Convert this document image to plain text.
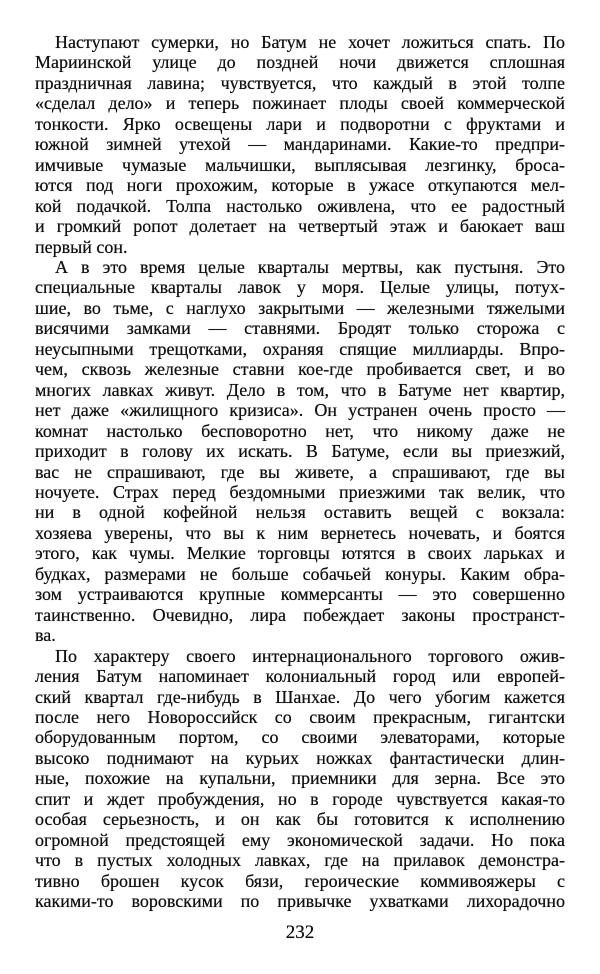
Наступают сумерки, но Батум не хочет ложиться спать. По
Мариинской улице до поздней ночи движется сплошная
праздничная лавина; чувствуется, что каждый в этой толпе
«сделал дело» и теперь пожинает плоды своей коммерческой
тонкости. Ярко освещены лари и подворотни с фруктами и
южной зимней утехой — мандаринами. Какие-то предпри-
имчивые чумазые мальчишки, выплясывая лезгинку, броса-
ются под ноги прохожим, которые в ужасе откупаются мел-
кой подачкой. Толпа настолько оживлена, что ее радостный
и громкий ропот долетает на четвертый этаж и баюкает ваш
первый сон.
А в это время целые кварталы мертвы, как пустыня. Это
специальные кварталы лавок у моря. Целые улицы, потух-
шие, во тьме, с наглухо закрытыми — железными тяжелыми
висячими замками — ставнями. Бродят только сторожа с
неусыпными трещотками, охраняя спящие миллиарды. Впро-
чем, сквозь железные ставни кое-где пробивается свет, и во
многих лавках живут. Дело в том, что в Батуме нет квартир,
нет даже «жилищного кризиса». Он устранен очень просто —
комнат настолько бесповоротно нет, что никому даже не
приходит в голову их искать. В Батуме, если вы приезжий,
вас не спрашивают, где вы живете, а спрашивают, где вы
ночуете. Страх перед бездомными приезжими так велик, что
ни в одной кофейной нельзя оставить вещей с вокзала:
хозяева уверены, что вы к ним вернетесь ночевать, и боятся
этого, как чумы. Мелкие торговцы ютятся в своих ларьках и
будках, размерами не больше собачьей конуры. Каким обра-
зом устраиваются крупные коммерсанты — это совершенно
таинственно. Очевидно, лира побеждает законы пространст-
ва.
По характеру своего интернационального торгового ожив-
ления Батум напоминает колониальный город или европей-
ский квартал где-нибудь в Шанхае. До чего убогим кажется
после него Новороссийск со своим прекрасным, гигантски
оборудованным портом, со своими элеваторами, которые
высоко поднимают на курьих ножках фантастически длин-
ные, похожие на купальни, приемники для зерна. Все это
спит и ждет пробуждения, но в городе чувствуется какая-то
особая серьезность, и он как бы готовится к исполнению
огромной предстоящей ему экономической задачи. Но пока
что в пустых холодных лавках, где на прилавок демонстра-
тивно брошен кусок бязи, героические коммивояжеры с
какими-то воровскими по привычке ухватками лихорадочно
232
